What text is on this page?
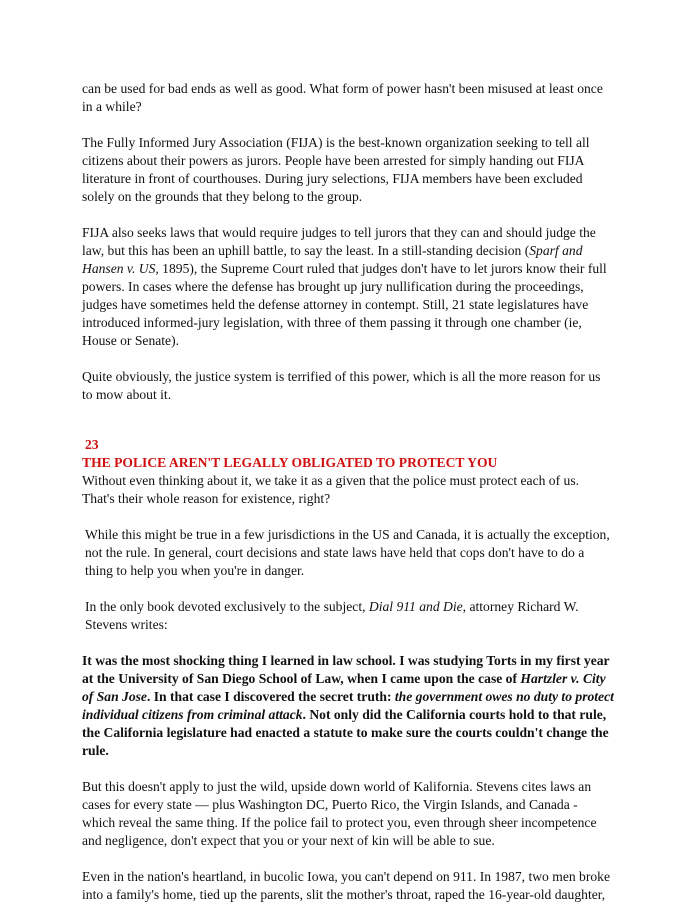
can be used for bad ends as well as good. What form of power hasn't been misused at least once in a while?

The Fully Informed Jury Association (FIJA) is the best-known organization seeking to tell all citizens about their powers as jurors. People have been arrested for simply handing out FIJA literature in front of courthouses. During jury selections, FIJA members have been excluded solely on the grounds that they belong to the group.

FIJA also seeks laws that would require judges to tell jurors that they can and should judge the law, but this has been an uphill battle, to say the least. In a still-standing decision (Sparf and Hansen v. US, 1895), the Supreme Court ruled that judges don't have to let jurors know their full powers. In cases where the defense has brought up jury nullification during the proceedings, judges have sometimes held the defense attorney in contempt. Still, 21 state legislatures have introduced informed-jury legislation, with three of them passing it through one chamber (ie, House or Senate).

Quite obviously, the justice system is terrified of this power, which is all the more reason for us to mow about it.

23
THE POLICE AREN'T LEGALLY OBLIGATED TO PROTECT YOU

Without even thinking about it, we take it as a given that the police must protect each of us. That's their whole reason for existence, right?

While this might be true in a few jurisdictions in the US and Canada, it is actually the exception, not the rule. In general, court decisions and state laws have held that cops don't have to do a thing to help you when you're in danger.

In the only book devoted exclusively to the subject, Dial 911 and Die, attorney Richard W. Stevens writes:

It was the most shocking thing I learned in law school. I was studying Torts in my first year at the University of San Diego School of Law, when I came upon the case of Hartzler v. City of San Jose. In that case I discovered the secret truth: the government owes no duty to protect individual citizens from criminal attack. Not only did the California courts hold to that rule, the California legislature had enacted a statute to make sure the courts couldn't change the rule.

But this doesn't apply to just the wild, upside down world of Kalifornia. Stevens cites laws an cases for every state — plus Washington DC, Puerto Rico, the Virgin Islands, and Canada - which reveal the same thing. If the police fail to protect you, even through sheer incompetence and negligence, don't expect that you or your next of kin will be able to sue.

Even in the nation's heartland, in bucolic Iowa, you can't depend on 911. In 1987, two men broke into a family's home, tied up the parents, slit the mother's throat, raped the 16-year-old daughter,
